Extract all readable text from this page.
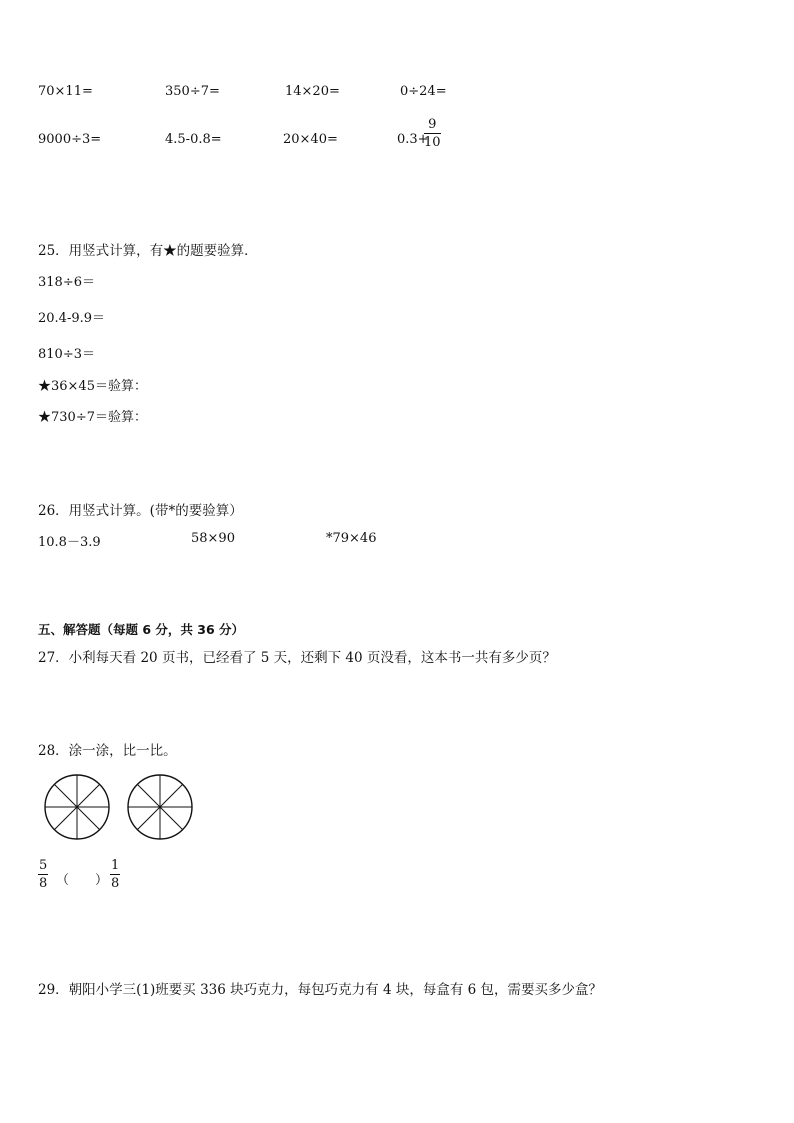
70×11=	350÷7=	14×20=	0÷24=
9000÷3=	4.5-0.8=	20×40=	0.3+
9
10
25．用竖式计算，有★的题要验算．
318÷6＝
20.4-9.9＝
810÷3＝
★36×45＝验算：
★730÷7＝验算：
26．用竖式计算。(带*的要验算）
10.8－3.9	58×90	*79×46
五、解答题（每题 6 分，共 36 分）
27．小利每天看 20 页书，已经看了 5 天，还剩下 40 页没看，这本书一共有多少页？
28．涂一涂，比一比。
5
8 （　　）
1
8
29．朝阳小学三(1)班要买 336 块巧克力，每包巧克力有 4 块，每盒有 6 包，需要买多少盒？
